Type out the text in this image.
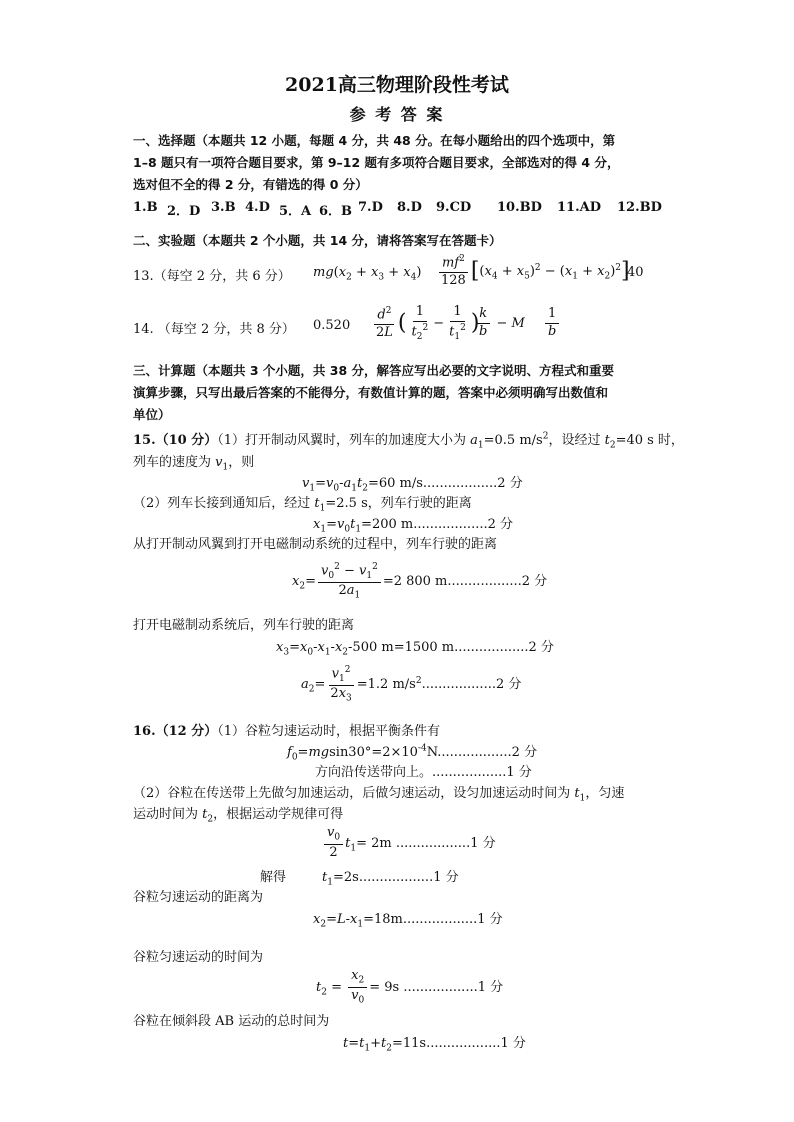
2021高三物理阶段性考试
参 考 答 案
一、选择题（本题共 12 小题，每题 4 分，共 48 分。在每小题给出的四个选项中，第
1–8 题只有一项符合题目要求，第 9–12 题有多项符合题目要求，全部选对的得 4 分，
选对但不全的得 2 分，有错选的得 0 分）
1.B 2．D 3.B 4.D 5．A 6．B 7.D 8.D 9.CD 10.BD 11.AD 12.BD
二、实验题（本题共 2 个小题，共 14 分，请将答案写在答题卡）
13.（每空 2 分，共 6 分） $mg(x_2 + x_3 + x_4) \frac{mf^2}{128} [(x_4 + x_5)^2 - (x_1 + x_2)^2]$
40
14. （每空 2 分，共 8 分） $0.520 \frac{d^2}{2L}$ ( $\frac{1}{t_2^2} - \frac{1}{t_1^2}$ )
$\frac{k}{b} - M \frac{1}{b}$
三、计算题（本题共 3 个小题，共 38 分，解答应写出必要的文字说明、方程式和重要
演算步骤，只写出最后答案的不能得分，有数值计算的题，答案中必须明确写出数值和
单位）
15.（10 分）（1）打开制动风翼时，列车的加速度大小为 $a_1=0.5$ $m/s^2$，设经过 $t_2=40$ s 时，
列车的速度为 $v_1$，则
$v_1=v_0-a_1t_2=60$ m/s..................2 分
（2）列车长接到通知后，经过 $t_1=2.5$ s，列车行驶的距离
$x_1=v_0t_1=200$ m..................2 分
从打开制动风翼到打开电磁制动系统的过程中，列车行驶的距离
$x_2= \frac{v_0^2 - v_1^2}{2a_1} =2$ 800 m..................2 分
打开电磁制动系统后，列车行驶的距离
$x_3=x_0-x_1-x_2-500$ m=1500 m..................2 分
$a_2= \frac{v_1^2}{2x_3} =1.2$ $m/s^2..................2$ 分
16.（12 分）（1）谷粒匀速运动时，根据平衡条件有
$f_0=mgsin30^\circ=2\times 10^{-4}N..................2$ 分
方向沿传送带向上。..................1 分
（2）谷粒在传送带上先做匀加速运动，后做匀速运动，设匀加速运动时间为 $t_1$，匀速
运动时间为 $t_2$，根据运动学规律可得
$\frac{v_0}{2} t_1= 2m$ ..................1 分
解得	$t_1=2s..................1$ 分
谷粒匀速运动的距离为
$x_2=L-x_1=18m..................1$ 分
谷粒匀速运动的时间为
$t_2 = \frac{x_2}{v_0} = 9s$ ..................1 分
谷粒在倾斜段 AB 运动的总时间为
$t=t_1+t_2=11s..................1$ 分
